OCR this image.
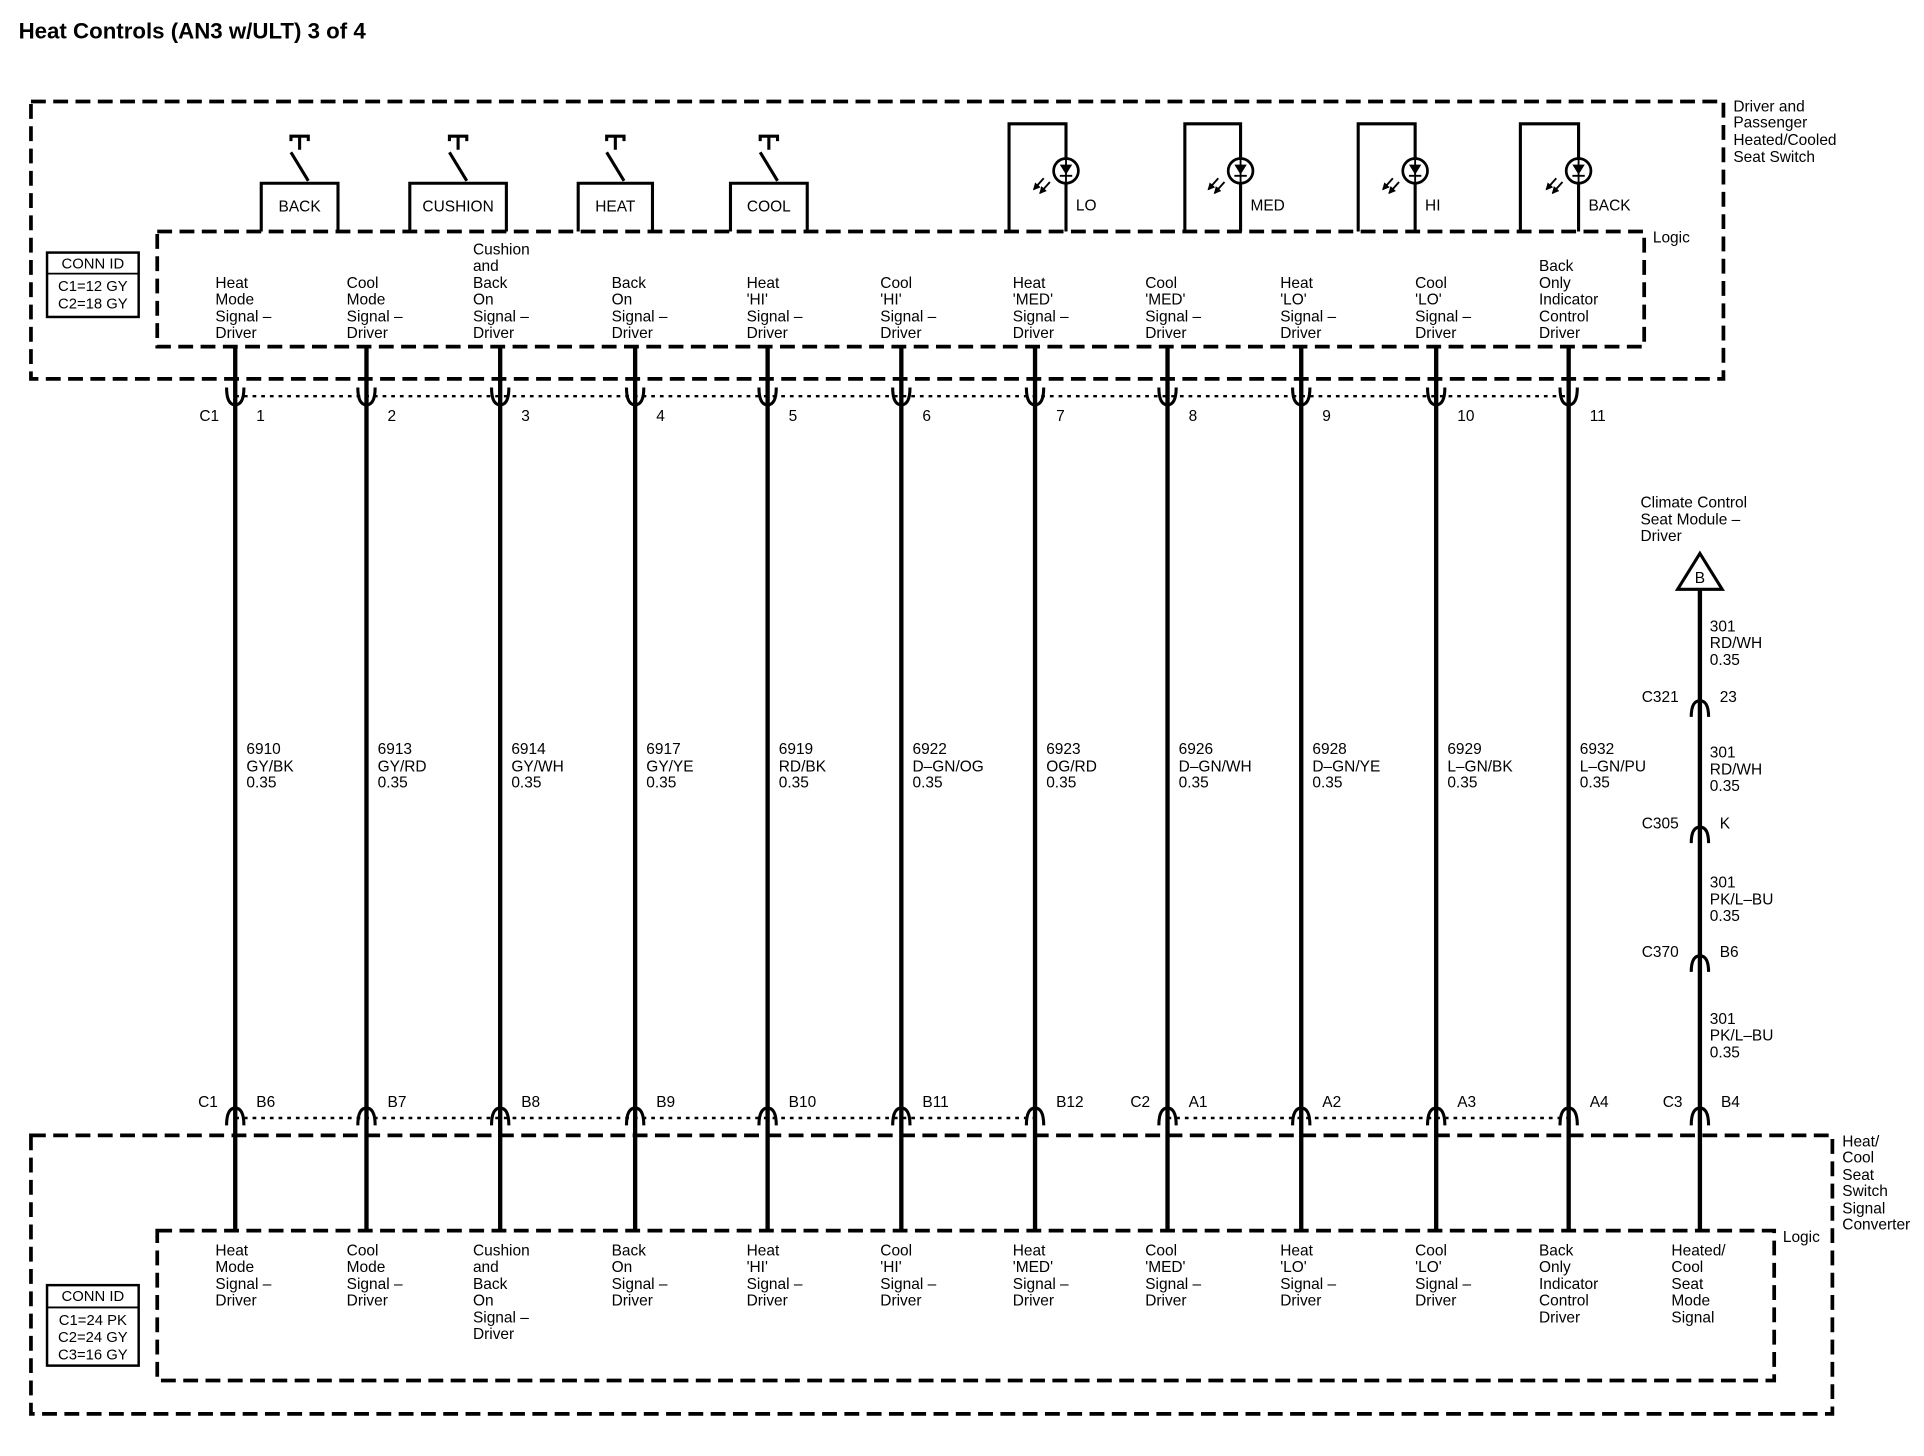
Heat Controls (AN3 w/ULT) 3 of 4
Driver and
Passenger
Heated/Cooled
Seat Switch
Logic
CONN ID
C1=12 GY
C2=18 GY
Heat/
Cool
Seat
Switch
Signal
Converter
Logic
CONN ID
C1=24 PK
C2=24 GY
C3=16 GY
6910
GY/BK
0.35
6913
GY/RD
0.35
6914
GY/WH
0.35
6917
GY/YE
0.35
6919
RD/BK
0.35
6922
D–GN/OG
0.35
6923
OG/RD
0.35
6926
D–GN/WH
0.35
6928
D–GN/YE
0.35
6929
L–GN/BK
0.35
6932
L–GN/PU
0.35
Heat
Mode
Signal –
Driver
Cool
Mode
Signal –
Driver
Cushion
and
Back
On
Signal –
Driver
Back
On
Signal –
Driver
Heat
'HI'
Signal –
Driver
Cool
'HI'
Signal –
Driver
Heat
'MED'
Signal –
Driver
Cool
'MED'
Signal –
Driver
Heat
'LO'
Signal –
Driver
Cool
'LO'
Signal –
Driver
Back
Only
Indicator
Control
Driver
Heat
Mode
Signal –
Driver
Cool
Mode
Signal –
Driver
Cushion
and
Back
On
Signal –
Driver
Back
On
Signal –
Driver
Heat
'HI'
Signal –
Driver
Cool
'HI'
Signal –
Driver
Heat
'MED'
Signal –
Driver
Cool
'MED'
Signal –
Driver
Heat
'LO'
Signal –
Driver
Cool
'LO'
Signal –
Driver
Back
Only
Indicator
Control
Driver
Heated/
Cool
Seat
Mode
Signal
C1	1	2	3	4	5	6	7	8	9	10	11
C1	B6	B7	B8	B9	B10	B11	B12	C2	A1	A2	A3	A4	C3	B4
B
Climate Control
Seat Module –
Driver
301
RD/WH
0.35
301
RD/WH
0.35
301
PK/L–BU
0.35
301
PK/L–BU
0.35
C321	23
C305	K
C370	B6
BACK	CUSHION	HEAT	COOL	LO	MED	HI	BACK
